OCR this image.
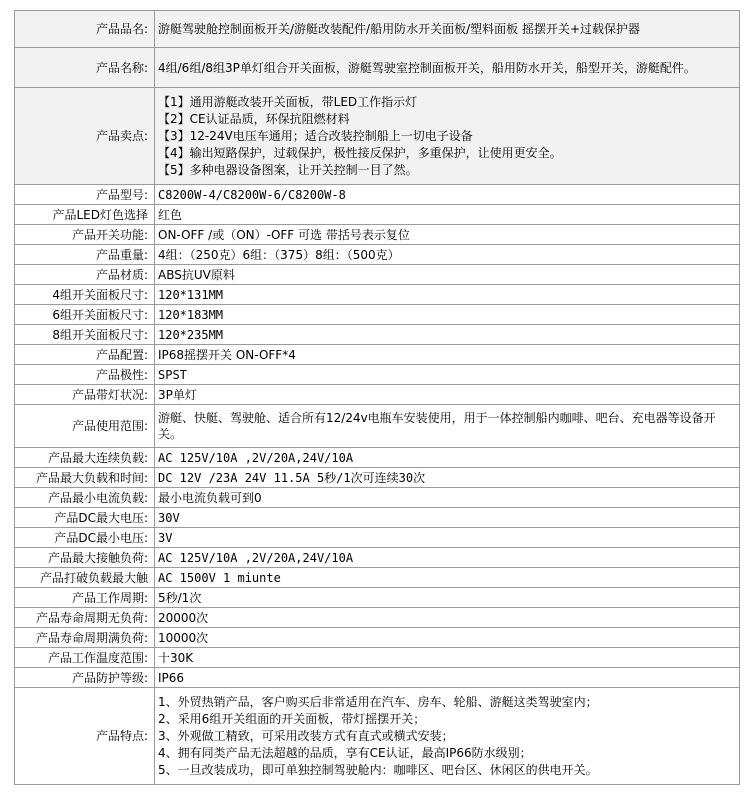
产品品名:	游艇驾驶舱控制面板开关/游艇改装配件/船用防水开关面板/塑料面板 摇摆开关+过载保护器
产品名称:	4组/6组/8组3P单灯组合开关面板，游艇驾驶室控制面板开关，船用防水开关，船型开关，游艇配件。
产品卖点:	【1】通用游艇改装开关面板，带LED工作指示灯
【2】CE认证品质，环保抗阻燃材料
【3】12-24V电压车通用；适合改装控制船上一切电子设备
【4】输出短路保护，过载保护，极性接反保护，多重保护，让使用更安全。
【5】多种电器设备图案，让开关控制一目了然。

产品型号:	C8200W-4/C8200W-6/C8200W-8
产品LED灯色选择	红色
产品开关功能:	ON-OFF /或（ON）-OFF 可选 带括号表示复位
产品重量:	4组：（250克）6组：（375）8组：（500克）
产品材质:	ABS抗UV原料
4组开关面板尺寸:	120*131MM
6组开关面板尺寸:	120*183MM
8组开关面板尺寸:	120*235MM
产品配置:	IP68摇摆开关 ON-OFF*4
产品极性:	SPST
产品带灯状况:	3P单灯
产品使用范围:	游艇、快艇、驾驶舱、适合所有12/24v电瓶车安装使用，用于一体控制船内咖啡、吧台、充电器等设备开关。
产品最大连续负载:	AC 125V/10A ,2V/20A,24V/10A
产品最大负载和时间:	DC 12V /23A 24V 11.5A 5秒/1次可连续30次
产品最小电流负载:	最小电流负载可到0
产品DC最大电压:	30V
产品DC最小电压:	3V
产品最大接触负荷:	AC 125V/10A ,2V/20A,24V/10A
产品打破负载最大触	AC 1500V 1 miunte
产品工作周期:	5秒/1次
产品寿命周期无负荷:	20000次
产品寿命周期满负荷:	10000次
产品工作温度范围:	十30K
产品防护等级:	IP66
产品特点:	1、外贸热销产品，客户购买后非常适用在汽车、房车、轮船、游艇这类驾驶室内；
2、采用6组开关组面的开关面板，带灯摇摆开关；
3、外观做工精致，可采用改装方式有直式或横式安装；
4、拥有同类产品无法超越的品质，享有CE认证，最高IP66防水级别；
5、一旦改装成功，即可单独控制驾驶舱内：咖啡区、吧台区、休闲区的供电开关。
